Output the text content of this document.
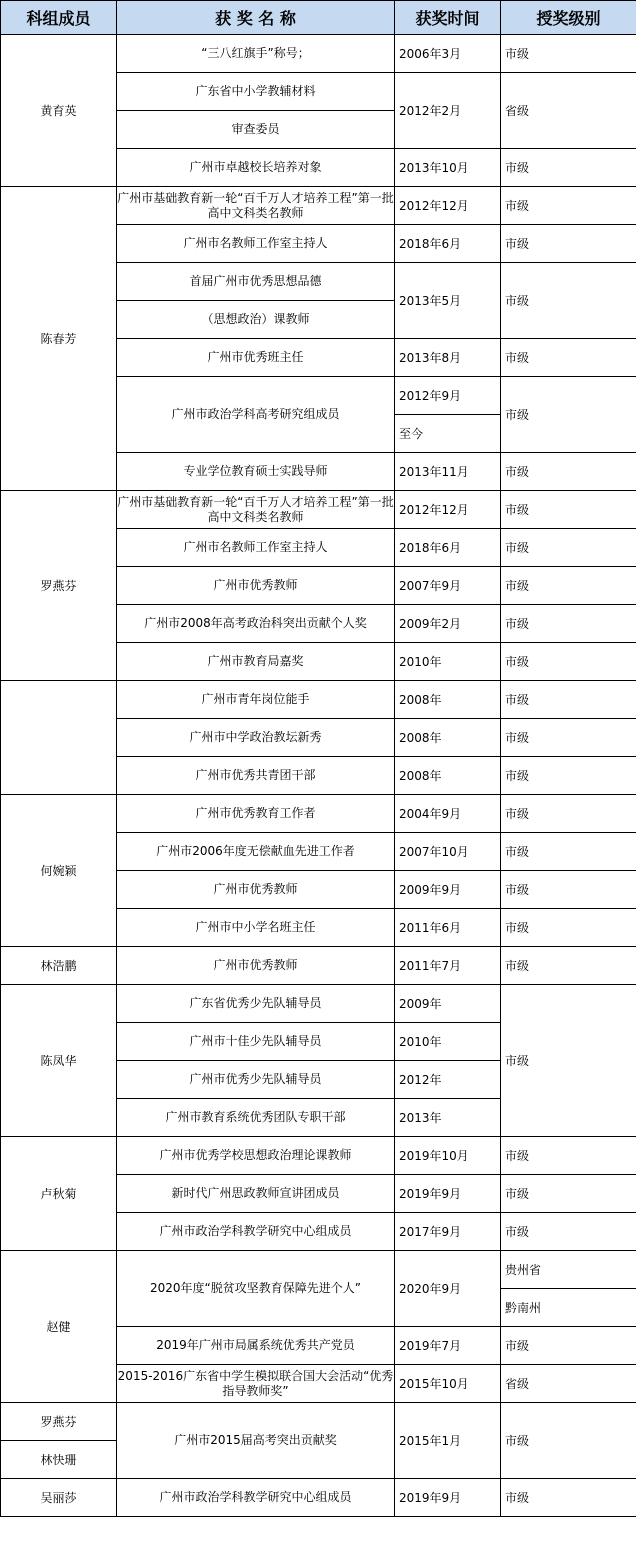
科组成员	获 奖 名 称	获奖时间	授奖级别
黄育英	“三八红旗手”称号；	2006年3月	市级
	广东省中小学教辅材料	2012年2月	省级
	审查委员		
	广州市卓越校长培养对象	2013年10月	市级
陈春芳	广州市基础教育新一轮“百千万人才培养工程”第一批高中文科类名教师	2012年12月	市级
	广州市名教师工作室主持人	2018年6月	市级
	首届广州市优秀思想品德	2013年5月	市级
	（思想政治）课教师		
	广州市优秀班主任	2013年8月	市级
	广州市政治学科高考研究组成员	2012年9月	市级
		至今	
	专业学位教育硕士实践导师	2013年11月	市级
罗燕芬	广州市基础教育新一轮“百千万人才培养工程”第一批高中文科类名教师	2012年12月	市级

	广州市名教师工作室主持人	2018年6月	市级
	广州市优秀教师	2007年9月	市级
	广州市2008年高考政治科突出贡献个人奖	2009年2月	市级
	广州市教育局嘉奖	2010年	市级
	广州市青年岗位能手	2008年	市级
	广州市中学政治教坛新秀	2008年	市级
	广州市优秀共青团干部	2008年	市级
何婉颖	广州市优秀教育工作者	2004年9月	市级
	广州市2006年度无偿献血先进工作者	2007年10月	市级
	广州市优秀教师	2009年9月	市级
	广州市中小学名班主任	2011年6月	市级
林浩鹏	广州市优秀教师	2011年7月	市级
陈凤华	广东省优秀少先队辅导员	2009年	市级
	广州市十佳少先队辅导员	2010年	
	广州市优秀少先队辅导员	2012年	
	广州市教育系统优秀团队专职干部	2013年	
卢秋菊	广州市优秀学校思想政治理论课教师	2019年10月	市级
	新时代广州思政教师宣讲团成员	2019年9月	市级
	广州市政治学科教学研究中心组成员	2017年9月	市级
赵健	2020年度“脱贫攻坚教育保障先进个人”	2020年9月	贵州省
			黔南州
	2019年广州市局属系统优秀共产党员	2019年7月	市级
	2015-2016广东省中学生模拟联合国大会活动“优秀指导教师奖”	2015年10月	省级
罗燕芬	广州市2015届高考突出贡献奖	2015年1月	市级
林快珊			
吴丽莎	广州市政治学科教学研究中心组成员	2019年9月	市级
